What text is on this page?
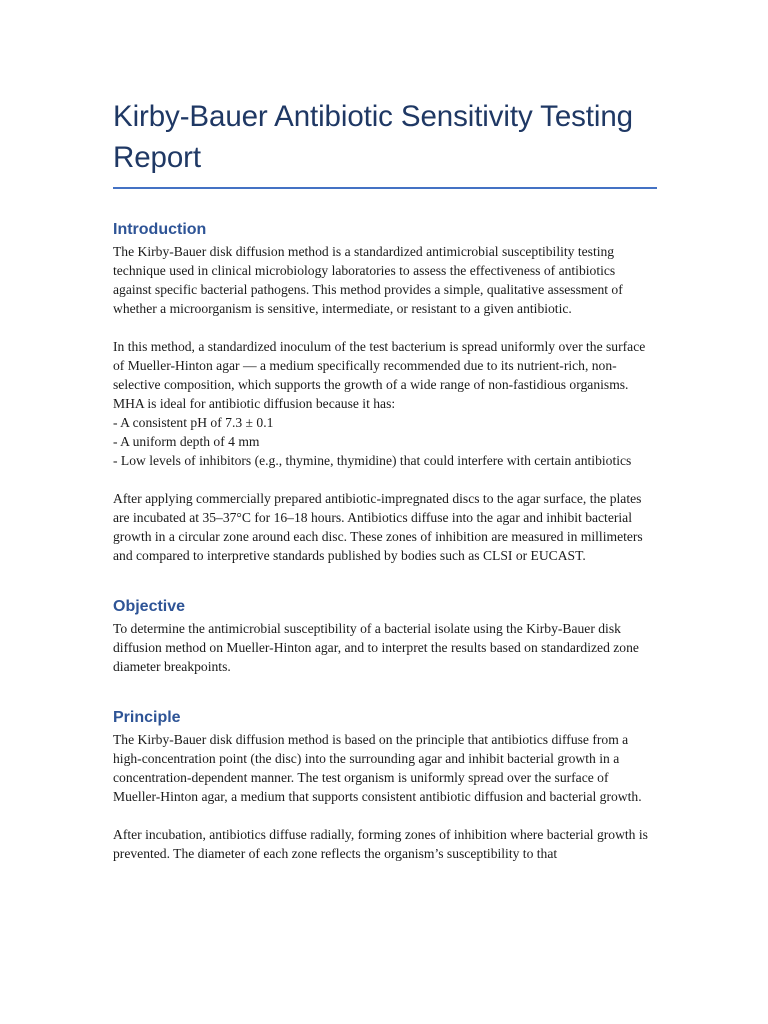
Kirby-Bauer Antibiotic Sensitivity Testing Report
Introduction

The Kirby-Bauer disk diffusion method is a standardized antimicrobial susceptibility testing technique used in clinical microbiology laboratories to assess the effectiveness of antibiotics against specific bacterial pathogens. This method provides a simple, qualitative assessment of whether a microorganism is sensitive, intermediate, or resistant to a given antibiotic.

In this method, a standardized inoculum of the test bacterium is spread uniformly over the surface of Mueller-Hinton agar — a medium specifically recommended due to its nutrient-rich, non-selective composition, which supports the growth of a wide range of non-fastidious organisms. MHA is ideal for antibiotic diffusion because it has:

- A consistent pH of 7.3 ± 0.1

- A uniform depth of 4 mm

- Low levels of inhibitors (e.g., thymine, thymidine) that could interfere with certain antibiotics

After applying commercially prepared antibiotic-impregnated discs to the agar surface, the plates are incubated at 35–37°C for 16–18 hours. Antibiotics diffuse into the agar and inhibit bacterial growth in a circular zone around each disc. These zones of inhibition are measured in millimeters and compared to interpretive standards published by bodies such as CLSI or EUCAST.

Objective

To determine the antimicrobial susceptibility of a bacterial isolate using the Kirby-Bauer disk diffusion method on Mueller-Hinton agar, and to interpret the results based on standardized zone diameter breakpoints.

Principle

The Kirby-Bauer disk diffusion method is based on the principle that antibiotics diffuse from a high-concentration point (the disc) into the surrounding agar and inhibit bacterial growth in a concentration-dependent manner. The test organism is uniformly spread over the surface of Mueller-Hinton agar, a medium that supports consistent antibiotic diffusion and bacterial growth.

After incubation, antibiotics diffuse radially, forming zones of inhibition where bacterial growth is prevented. The diameter of each zone reflects the organism’s susceptibility to that
